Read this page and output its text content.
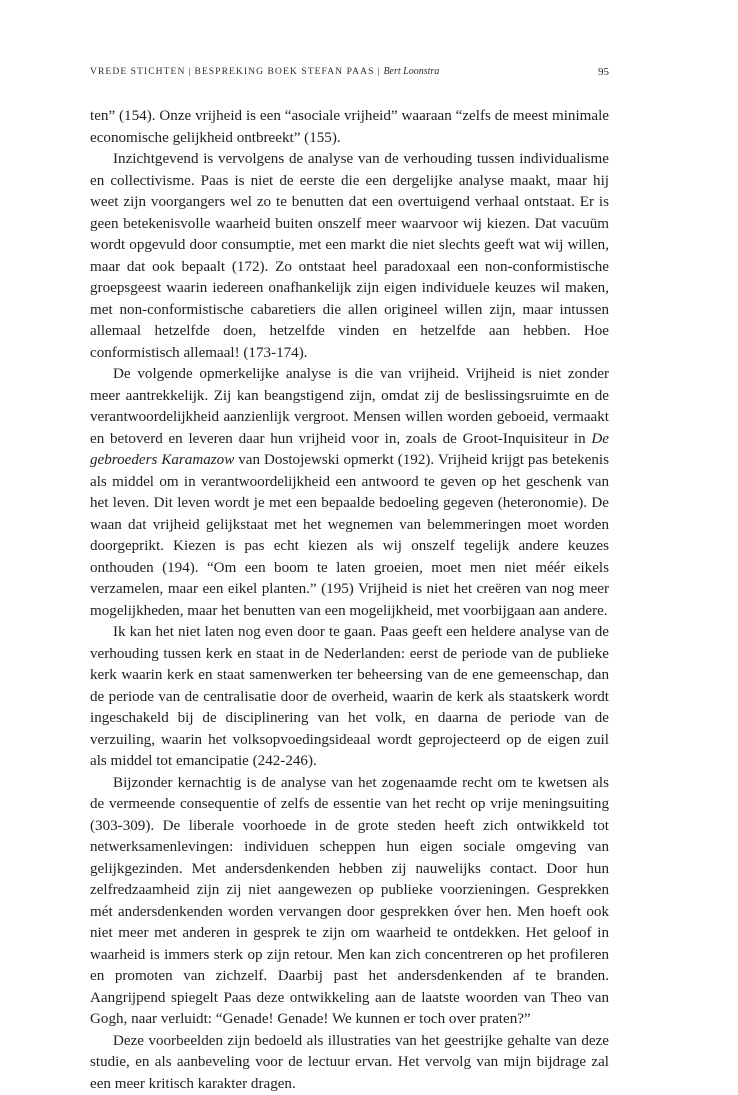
VREDE STICHTEN | BESPREKING BOEK STEFAN PAAS | Bert Loonstra	95

ten” (154). Onze vrijheid is een “asociale vrijheid” waaraan “zelfs de meest minimale economische gelijkheid ontbreekt” (155).

Inzichtgevend is vervolgens de analyse van de verhouding tussen individualisme en collectivisme. Paas is niet de eerste die een dergelijke analyse maakt, maar hij weet zijn voorgangers wel zo te benutten dat een overtuigend verhaal ontstaat. Er is geen betekenisvolle waarheid buiten onszelf meer waarvoor wij kiezen. Dat vacuüm wordt opgevuld door consumptie, met een markt die niet slechts geeft wat wij willen, maar dat ook bepaalt (172). Zo ontstaat heel paradoxaal een non-conformistische groepsgeest waarin iedereen onafhankelijk zijn eigen individuele keuzes wil maken, met non-conformistische cabaretiers die allen origineel willen zijn, maar intussen allemaal hetzelfde doen, hetzelfde vinden en hetzelfde aan hebben. Hoe conformistisch allemaal! (173-174).

De volgende opmerkelijke analyse is die van vrijheid. Vrijheid is niet zonder meer aantrekkelijk. Zij kan beangstigend zijn, omdat zij de beslissingsruimte en de verantwoordelijkheid aanzienlijk vergroot. Mensen willen worden geboeid, vermaakt en betoverd en leveren daar hun vrijheid voor in, zoals de Groot-Inquisiteur in De gebroeders Karamazow van Dostojewski opmerkt (192). Vrijheid krijgt pas betekenis als middel om in verantwoordelijkheid een antwoord te geven op het geschenk van het leven. Dit leven wordt je met een bepaalde bedoeling gegeven (heteronomie). De waan dat vrijheid gelijkstaat met het wegnemen van belemmeringen moet worden doorgeprikt. Kiezen is pas echt kiezen als wij onszelf tegelijk andere keuzes onthouden (194). “Om een boom te laten groeien, moet men niet méér eikels verzamelen, maar een eikel planten.” (195) Vrijheid is niet het creëren van nog meer mogelijkheden, maar het benutten van een mogelijkheid, met voorbijgaan aan andere.

Ik kan het niet laten nog even door te gaan. Paas geeft een heldere analyse van de verhouding tussen kerk en staat in de Nederlanden: eerst de periode van de publieke kerk waarin kerk en staat samenwerken ter beheersing van de ene gemeenschap, dan de periode van de centralisatie door de overheid, waarin de kerk als staatskerk wordt ingeschakeld bij de disciplinering van het volk, en daarna de periode van de verzuiling, waarin het volksopvoedingsideaal wordt geprojecteerd op de eigen zuil als middel tot emancipatie (242-246).

Bijzonder kernachtig is de analyse van het zogenaamde recht om te kwetsen als de vermeende consequentie of zelfs de essentie van het recht op vrije meningsuiting (303-309). De liberale voorhoede in de grote steden heeft zich ontwikkeld tot netwerksamenlevingen: individuen scheppen hun eigen sociale omgeving van gelijkgezinden. Met andersdenkenden hebben zij nauwelijks contact. Door hun zelfredzaamheid zijn zij niet aangewezen op publieke voorzieningen. Gesprekken mét andersdenkenden worden vervangen door gesprekken óver hen. Men hoeft ook niet meer met anderen in gesprek te zijn om waarheid te ontdekken. Het geloof in waarheid is immers sterk op zijn retour. Men kan zich concentreren op het profileren en promoten van zichzelf. Daarbij past het andersdenkenden af te branden. Aangrijpend spiegelt Paas deze ontwikkeling aan de laatste woorden van Theo van Gogh, naar verluidt: “Genade! Genade! We kunnen er toch over praten?”

Deze voorbeelden zijn bedoeld als illustraties van het geestrijke gehalte van deze studie, en als aanbeveling voor de lectuur ervan. Het vervolg van mijn bijdrage zal een meer kritisch karakter dragen.
